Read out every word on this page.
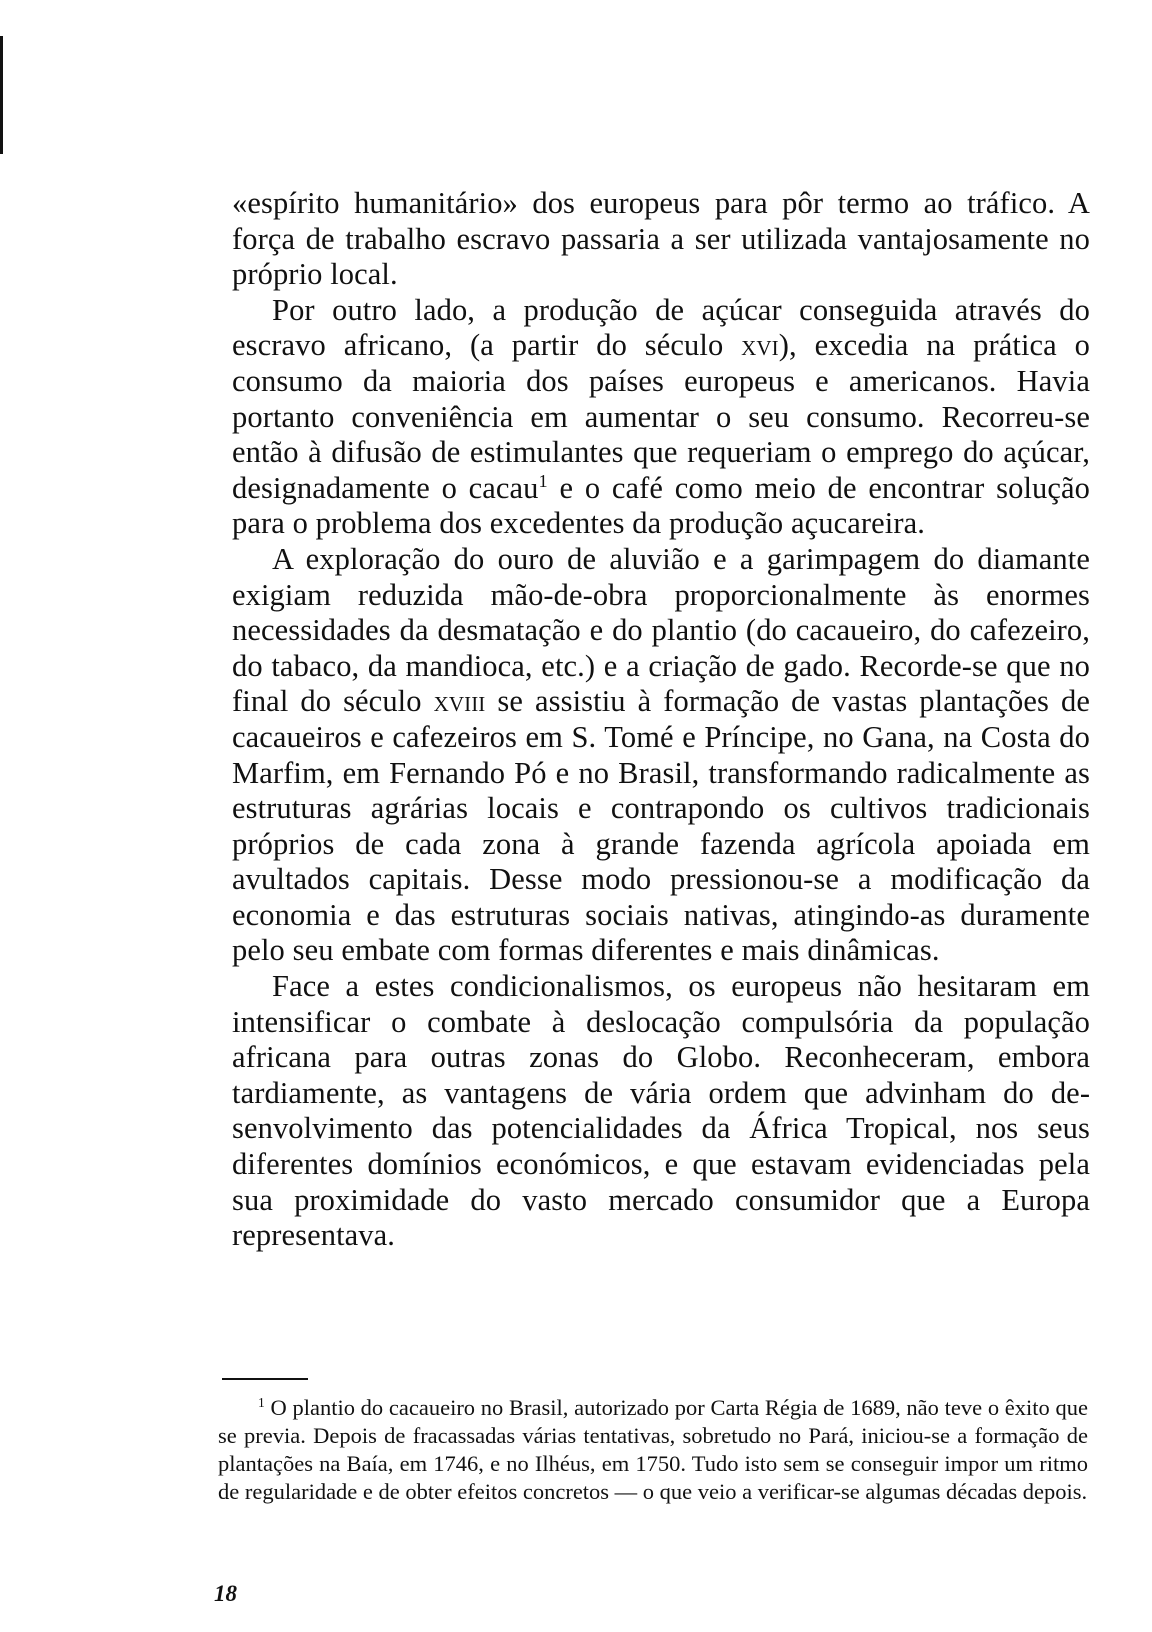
«espírito humanitário» dos europeus para pôr termo ao tráfico. A força de trabalho escravo passaria a ser utilizada vantajosamente no próprio local.

Por outro lado, a produção de açúcar conseguida através do escravo africano, (a partir do século xvi), excedia na prática o consumo da maioria dos países europeus e americanos. Havia portanto conveniência em aumentar o seu consumo. Recorreu-se então à difusão de estimulantes que requeriam o emprego do açúcar, designadamente o cacau$^1$ e o café como meio de encontrar solução para o problema dos excedentes da produção açucareira.

A exploração do ouro de aluvião e a garimpagem do diamante exigiam reduzida mão-de-obra proporcionalmente às enormes necessidades da desmatação e do plantio (do cacaueiro, do cafezeiro, do tabaco, da mandioca, etc.) e a criação de gado. Recorde-se que no final do século xviii se assistiu à formação de vastas plantações de cacaueiros e cafezeiros em S. Tomé e Príncipe, no Gana, na Costa do Marfim, em Fernando Pó e no Brasil, transformando radicalmente as estruturas agrárias locais e contrapondo os cultivos tradicionais próprios de cada zona à grande fazenda agrícola apoiada em avultados capitais. Desse modo pressionou-se a modificação da economia e das estruturas sociais nativas, atingindo-as duramente pelo seu embate com formas diferentes e mais dinâmicas.

Face a estes condicionalismos, os europeus não hesitaram em intensificar o combate à deslocação compulsória da população africana para outras zonas do Globo. Reconheceram, embora tardiamente, as vantagens de vária ordem que advinham do desenvolvimento das potencialidades da África Tropical, nos seus diferentes domínios económicos, e que estavam evidenciadas pela sua proximidade do vasto mercado consumidor que a Europa representava.

$^1$ O plantio do cacaueiro no Brasil, autorizado por Carta Régia de 1689, não teve o êxito que se previa. Depois de fracassadas várias tentativas, sobretudo no Pará, iniciou-se a formação de plantações na Baía, em 1746, e no Ilhéus, em 1750. Tudo isto sem se conseguir impor um ritmo de regularidade e de obter efeitos concretos — o que veio a verificar-se algumas décadas depois.

18
